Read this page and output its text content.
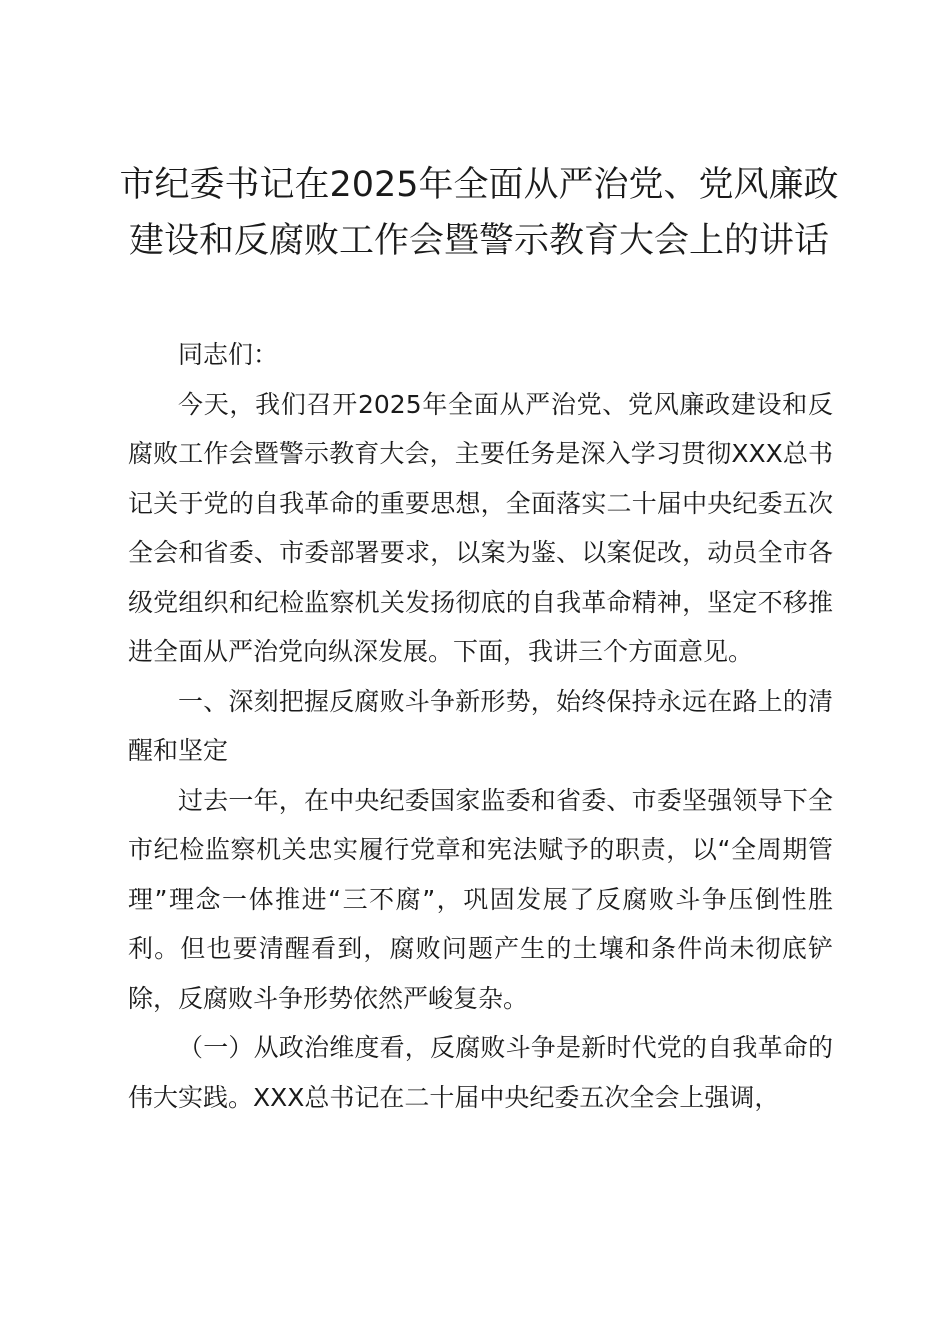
市纪委书记在2025年全面从严治党、党风廉政建设和反腐败工作会暨警示教育大会上的讲话

同志们：

今天，我们召开2025年全面从严治党、党风廉政建设和反腐败工作会暨警示教育大会，主要任务是深入学习贯彻XXX总书记关于党的自我革命的重要思想，全面落实二十届中央纪委五次全会和省委、市委部署要求，以案为鉴、以案促改，动员全市各级党组织和纪检监察机关发扬彻底的自我革命精神，坚定不移推进全面从严治党向纵深发展。下面，我讲三个方面意见。

一、深刻把握反腐败斗争新形势，始终保持永远在路上的清醒和坚定

过去一年，在中央纪委国家监委和省委、市委坚强领导下全市纪检监察机关忠实履行党章和宪法赋予的职责，以“全周期管理”理念一体推进“三不腐”，巩固发展了反腐败斗争压倒性胜利。但也要清醒看到，腐败问题产生的土壤和条件尚未彻底铲除，反腐败斗争形势依然严峻复杂。

（一）从政治维度看，反腐败斗争是新时代党的自我革命的伟大实践。XXX总书记在二十届中央纪委五次全会上强调，
